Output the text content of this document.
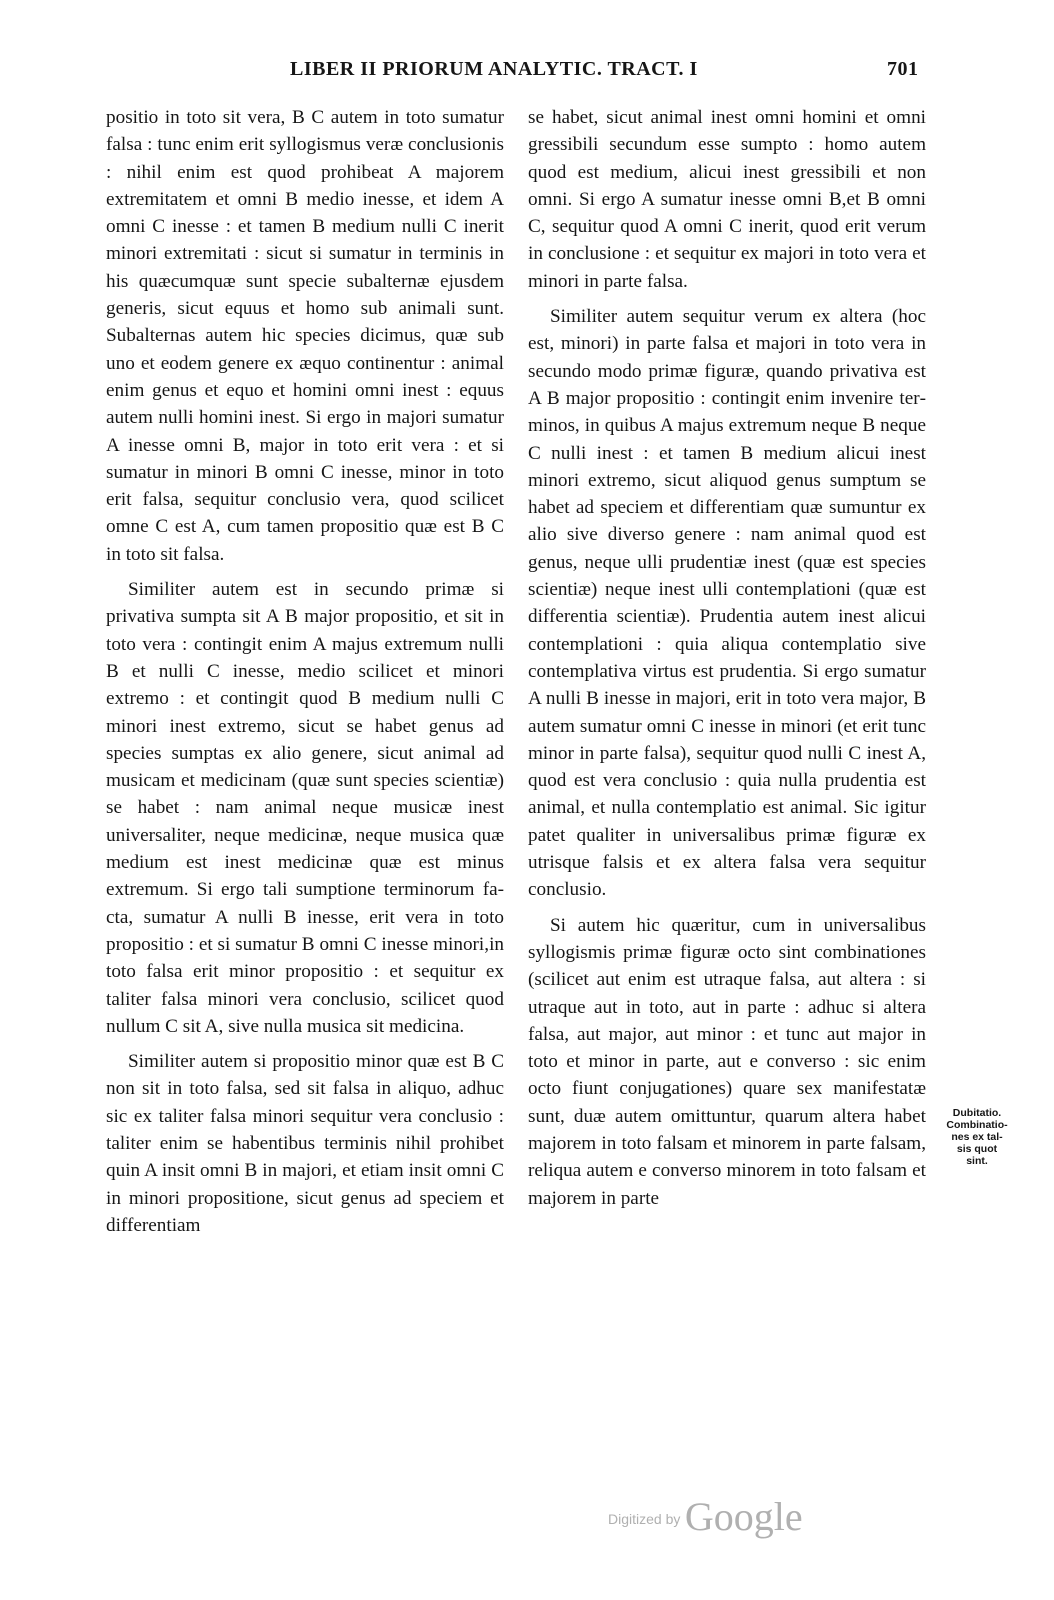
LIBER II PRIORUM ANALYTIC. TRACT. I	701

positio in toto sit vera, B C autem in toto sumatur falsa : tunc enim erit syllogismus veræ conclusionis : nihil enim est quod prohibeat A majorem extremitatem et omni B medio inesse, et idem A omni C inesse : et tamen B medium nulli C inerit minori extremitati : sicut si sumatur in terminis in his quæcumquæ sunt specie subalternæ ejusdem generis, sicut equus et homo sub animali sunt. Subalternas autem hic species dicimus, quæ sub uno et eodem genere ex æquo continentur : animal enim genus et equo et homini omni inest : equus autem nulli homini inest. Si ergo in majori sumatur A inesse omni B, major in toto erit vera : et si sumatur in minori B omni C inesse, minor in toto erit falsa, sequitur conclusio vera, quod scilicet omne C est A, cum tamen propositio quæ est B C in toto sit falsa.

Similiter autem est in secundo primæ si privativa sumpta sit A B major propositio, et sit in toto vera : contingit enim A majus extremum nulli B et nulli C inesse, medio scilicet et minori extremo : et contingit quod B medium nulli C minori inest extremo, sicut se habet genus ad species sumptas ex alio genere, sicut animal ad musicam et medicinam (quæ sunt species scientiæ) se habet : nam animal neque musicæ inest universaliter, neque medicinæ, neque musica quæ medium est inest medicinæ quæ est minus extremum. Si ergo tali sumptione terminorum facta, sumatur A nulli B inesse, erit vera in toto propositio : et si sumatur B omni C inesse minori,in toto falsa erit minor propositio : et sequitur ex taliter falsa minori vera conclusio, scilicet quod nullum C sit A, sive nulla musica sit medicina.

Similiter autem si propositio minor quæ est B C non sit in toto falsa, sed sit falsa in aliquo, adhuc sic ex taliter falsa minori sequitur vera conclusio : taliter enim se habentibus terminis nihil prohibet quin A insit omni B in majori, et etiam insit omni C in minori propositione, sicut genus ad speciem et differentiam

se habet, sicut animal inest omni homini et omni gressibili secundum esse sumpto : homo autem quod est medium, alicui inest gressibili et non omni. Si ergo A sumatur inesse omni B,et B omni C, sequitur quod A omni C inerit, quod erit verum in conclusione : et sequitur ex majori in toto vera et minori in parte falsa.

Similiter autem sequitur verum ex altera (hoc est, minori) in parte falsa et majori in toto vera in secundo modo primæ figuræ, quando privativa est A B major propositio : contingit enim invenire terminos, in quibus A majus extremum neque B neque C nulli inest : et tamen B medium alicui inest minori extremo, sicut aliquod genus sumptum se habet ad speciem et differentiam quæ sumuntur ex alio sive diverso genere : nam animal quod est genus, neque ulli prudentiæ inest (quæ est species scientiæ) neque inest ulli contemplationi (quæ est differentia scientiæ). Prudentia autem inest alicui contemplationi : quia aliqua contemplatio sive contemplativa virtus est prudentia. Si ergo sumatur A nulli B inesse in majori, erit in toto vera major, B autem sumatur omni C inesse in minori (et erit tunc minor in parte falsa), sequitur quod nulli C inest A, quod est vera conclusio : quia nulla prudentia est animal, et nulla contemplatio est animal. Sic igitur patet qualiter in universalibus primæ figuræ ex utrisque falsis et ex altera falsa vera sequitur conclusio.

Si autem hic quæritur, cum in universalibus syllogismis primæ figuræ octo sint combinationes (scilicet aut enim est utraque falsa, aut altera : si utraque aut in toto, aut in parte : adhuc si altera falsa, aut major, aut minor : et tunc aut major in toto et minor in parte, aut e converso : sic enim octo fiunt conjugationes) quare sex manifestatæ sunt, duæ autem omittuntur, quarum altera habet majorem in toto falsam et minorem in parte falsam, reliqua autem e converso minorem in toto falsam et majorem in parte

Dubitatio.
Combinatio-
nes ex tal-
sis quot
sint.
Digitized by Google
